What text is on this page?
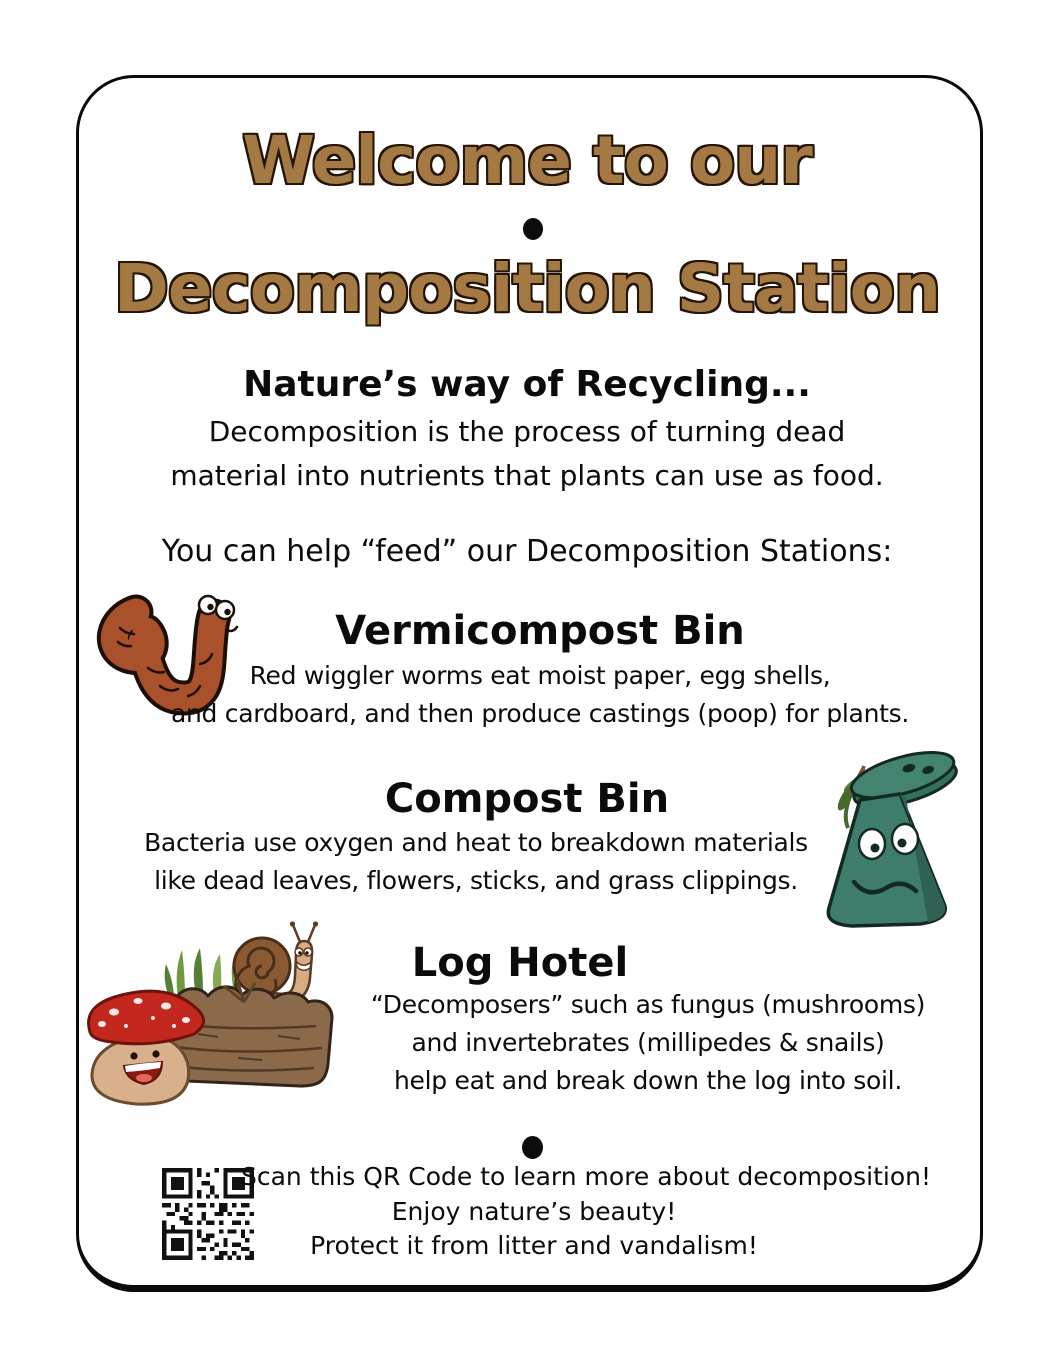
Welcome to our
Decomposition Station
Nature’s way of Recycling...
Decomposition is the process of turning dead
material into nutrients that plants can use as food.
You can help “feed” our Decomposition Stations:
Vermicompost Bin
Red wiggler worms eat moist paper, egg shells,
and cardboard, and then produce castings (poop) for plants.
Compost Bin
Bacteria use oxygen and heat to breakdown materials
like dead leaves, flowers, sticks, and grass clippings.
Log Hotel
“Decomposers” such as fungus (mushrooms)
and invertebrates (millipedes & snails)
help eat and break down the log into soil.
Scan this QR Code to learn more about decomposition!
Enjoy nature’s beauty!
Protect it from litter and vandalism!
